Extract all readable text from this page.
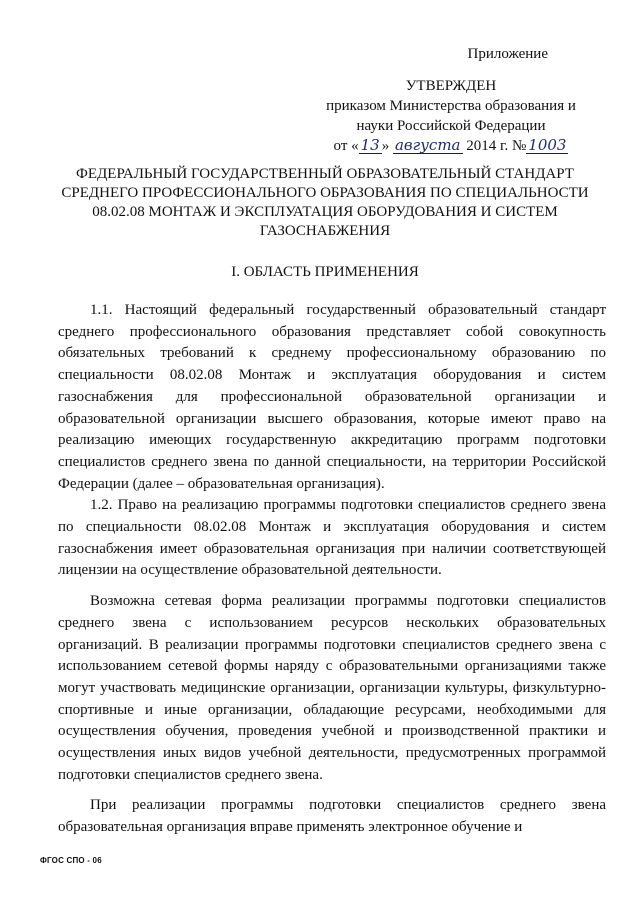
Приложение
УТВЕРЖДЕН
приказом Министерства образования и
науки Российской Федерации
от « 13 » августа 2014 г. № 1003
ФЕДЕРАЛЬНЫЙ ГОСУДАРСТВЕННЫЙ ОБРАЗОВАТЕЛЬНЫЙ СТАНДАРТ
СРЕДНЕГО ПРОФЕССИОНАЛЬНОГО ОБРАЗОВАНИЯ ПО СПЕЦИАЛЬНОСТИ
08.02.08 МОНТАЖ И ЭКСПЛУАТАЦИЯ ОБОРУДОВАНИЯ И СИСТЕМ
ГАЗОСНАБЖЕНИЯ
I. ОБЛАСТЬ ПРИМЕНЕНИЯ

1.1. Настоящий федеральный государственный образовательный стандарт среднего профессионального образования представляет собой совокупность обязательных требований к среднему профессиональному образованию по специальности 08.02.08 Монтаж и эксплуатация оборудования и систем газоснабжения для профессиональной образовательной организации и образовательной организации высшего образования, которые имеют право на реализацию имеющих государственную аккредитацию программ подготовки специалистов среднего звена по данной специальности, на территории Российской Федерации (далее – образовательная организация).

1.2. Право на реализацию программы подготовки специалистов среднего звена по специальности 08.02.08 Монтаж и эксплуатация оборудования и систем газоснабжения имеет образовательная организация при наличии соответствующей лицензии на осуществление образовательной деятельности.

Возможна сетевая форма реализации программы подготовки специалистов среднего звена с использованием ресурсов нескольких образовательных организаций. В реализации программы подготовки специалистов среднего звена с использованием сетевой формы наряду с образовательными организациями также могут участвовать медицинские организации, организации культуры, физкультурно-спортивные и иные организации, обладающие ресурсами, необходимыми для осуществления обучения, проведения учебной и производственной практики и осуществления иных видов учебной деятельности, предусмотренных программой подготовки специалистов среднего звена.

При реализации программы подготовки специалистов среднего звена образовательная организация вправе применять электронное обучение и

ФГОС СПО - 06
